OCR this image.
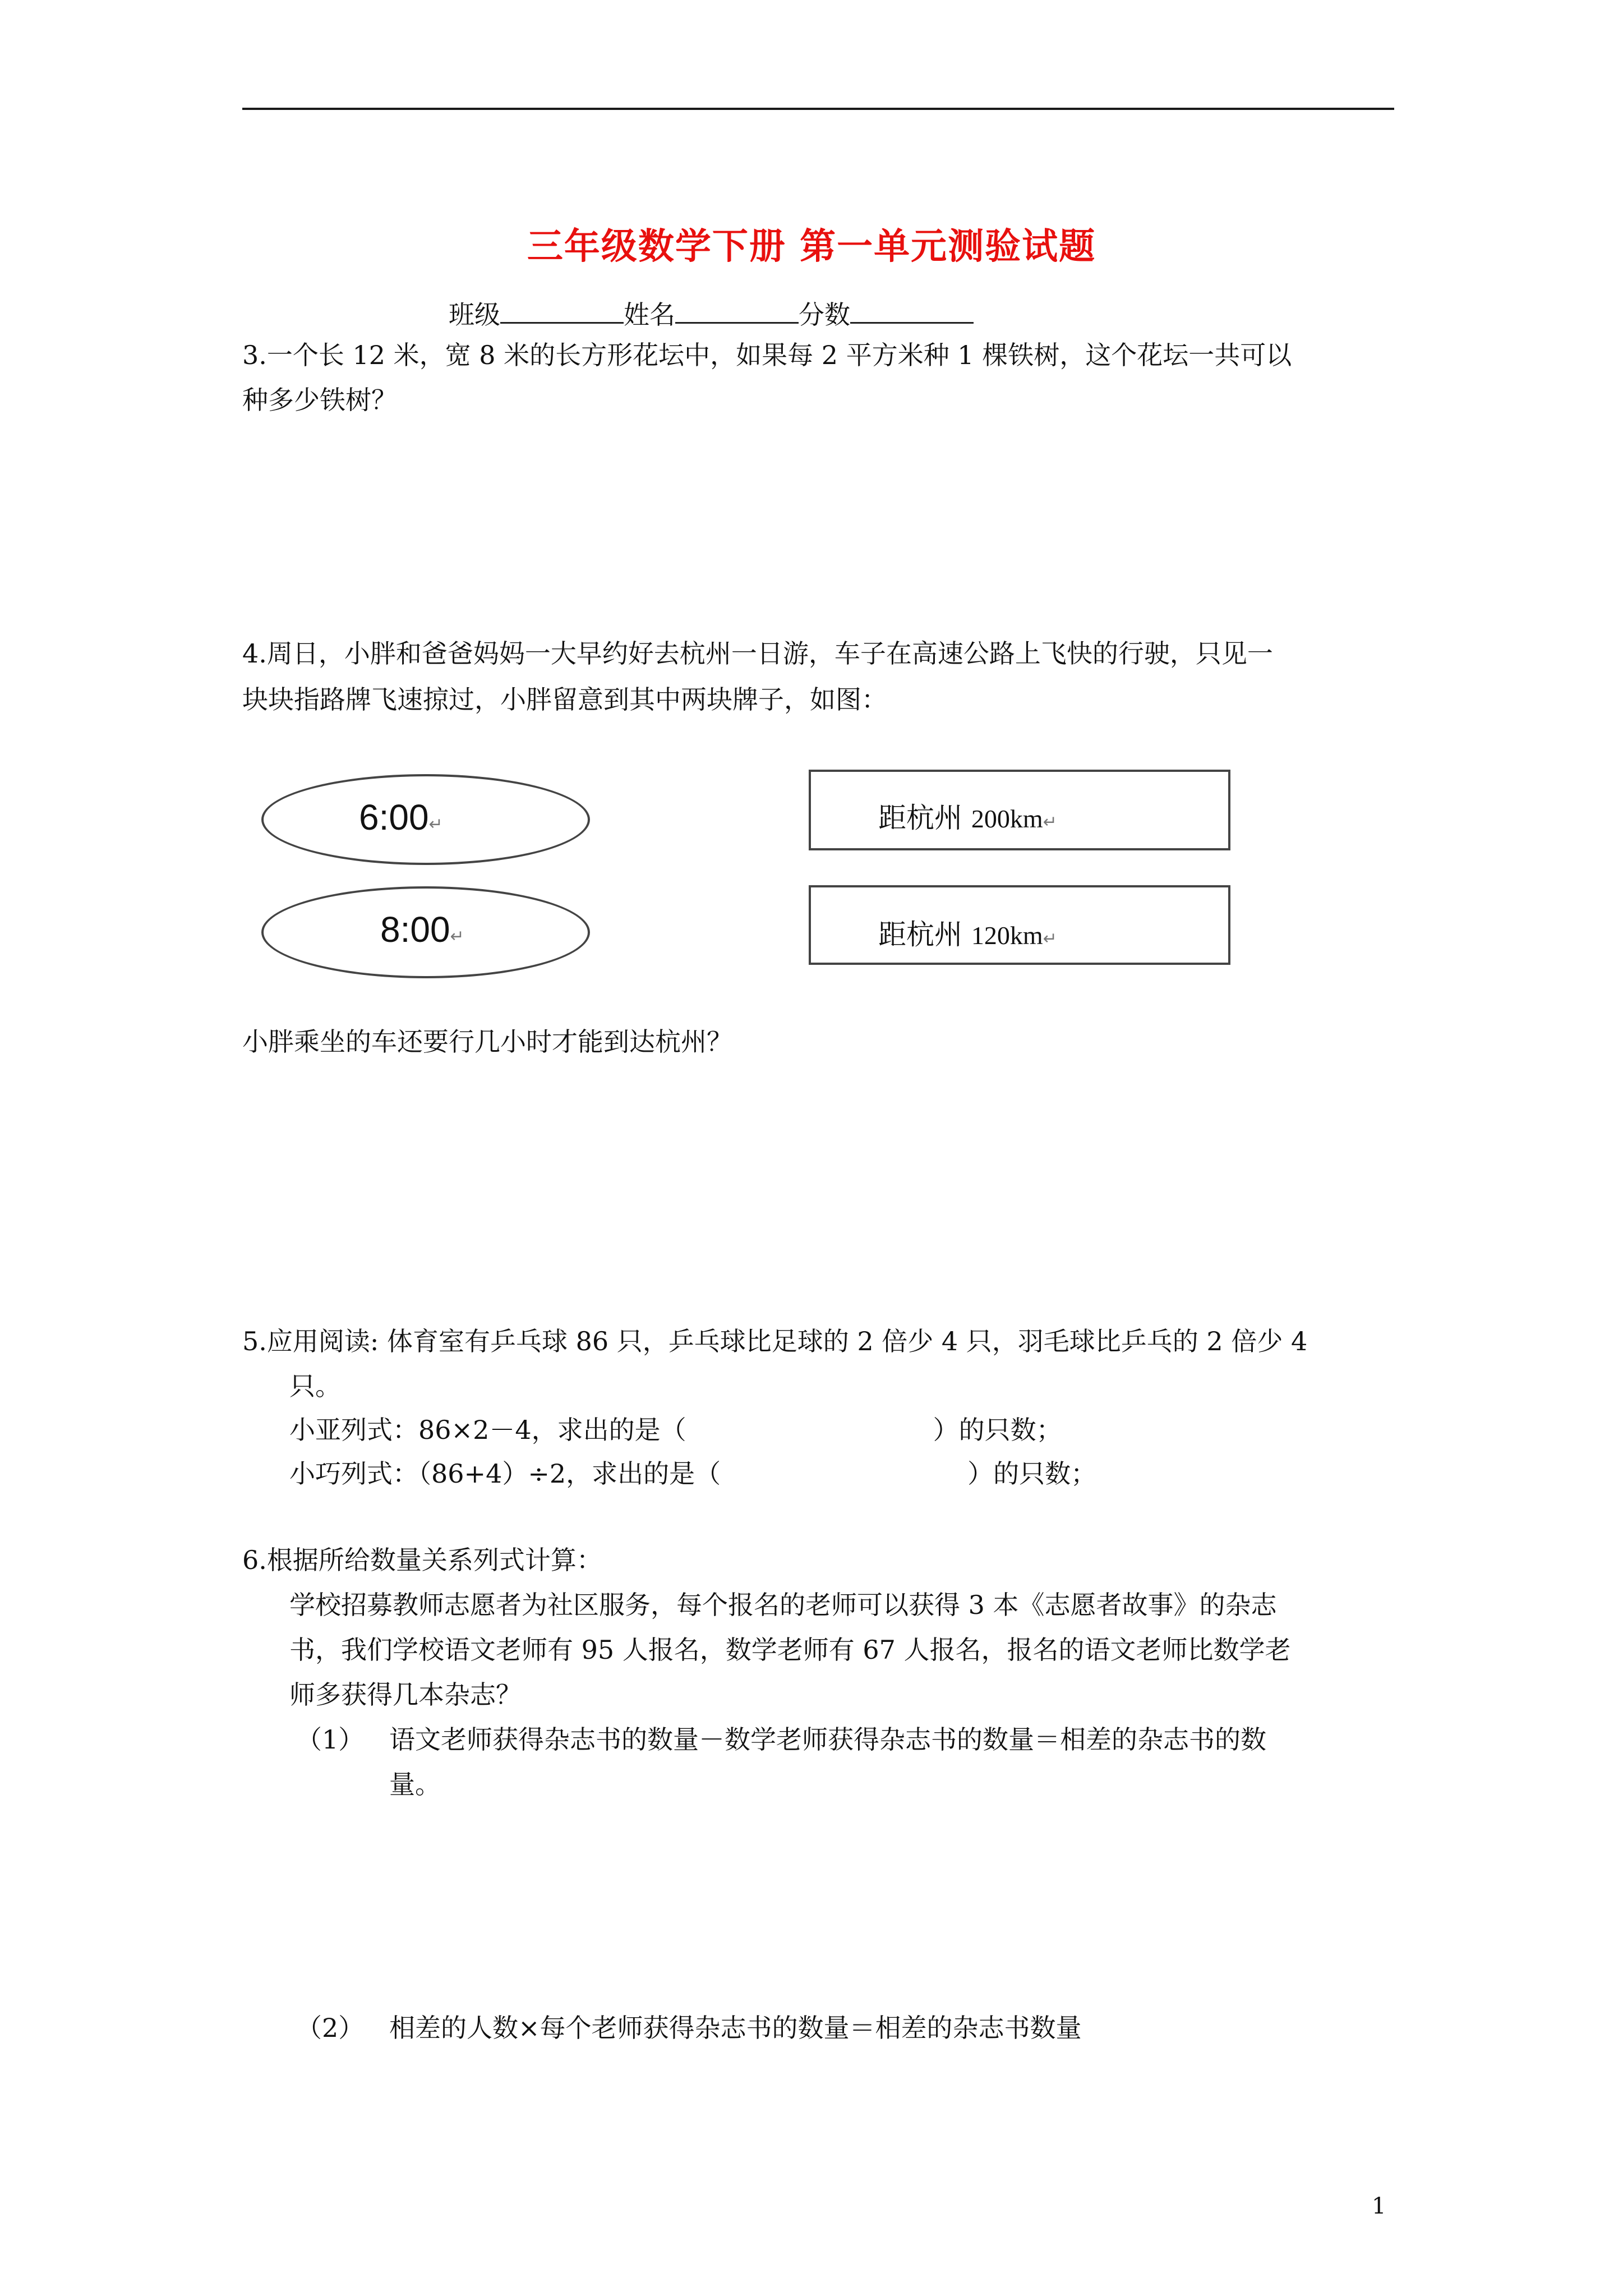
三年级数学下册 第一单元测验试题
班级	姓名	分数
3.一个长 12 米，宽 8 米的长方形花坛中，如果每 2 平方米种 1 棵铁树，这个花坛一共可以
种多少铁树？
4.周日，小胖和爸爸妈妈一大早约好去杭州一日游，车子在高速公路上飞快的行驶，只见一
块块指路牌飞速掠过，小胖留意到其中两块牌子，如图：
6:00↵
8:00↵
距杭州 200km↵
距杭州 120km↵
小胖乘坐的车还要行几小时才能到达杭州？
5.应用阅读: 体育室有乒乓球 86 只，乒乓球比足球的 2 倍少 4 只，羽毛球比乒乓的 2 倍少 4
只。
小亚列式：86×2－4，求出的是（	）的只数；
小巧列式：（86+4）÷2，求出的是（	）的只数；
6.根据所给数量关系列式计算：
学校招募教师志愿者为社区服务，每个报名的老师可以获得 3 本《志愿者故事》的杂志
书，我们学校语文老师有 95 人报名，数学老师有 67 人报名，报名的语文老师比数学老
师多获得几本杂志？
（1） 语文老师获得杂志书的数量－数学老师获得杂志书的数量＝相差的杂志书的数
量。
（2） 相差的人数×每个老师获得杂志书的数量＝相差的杂志书数量
1
